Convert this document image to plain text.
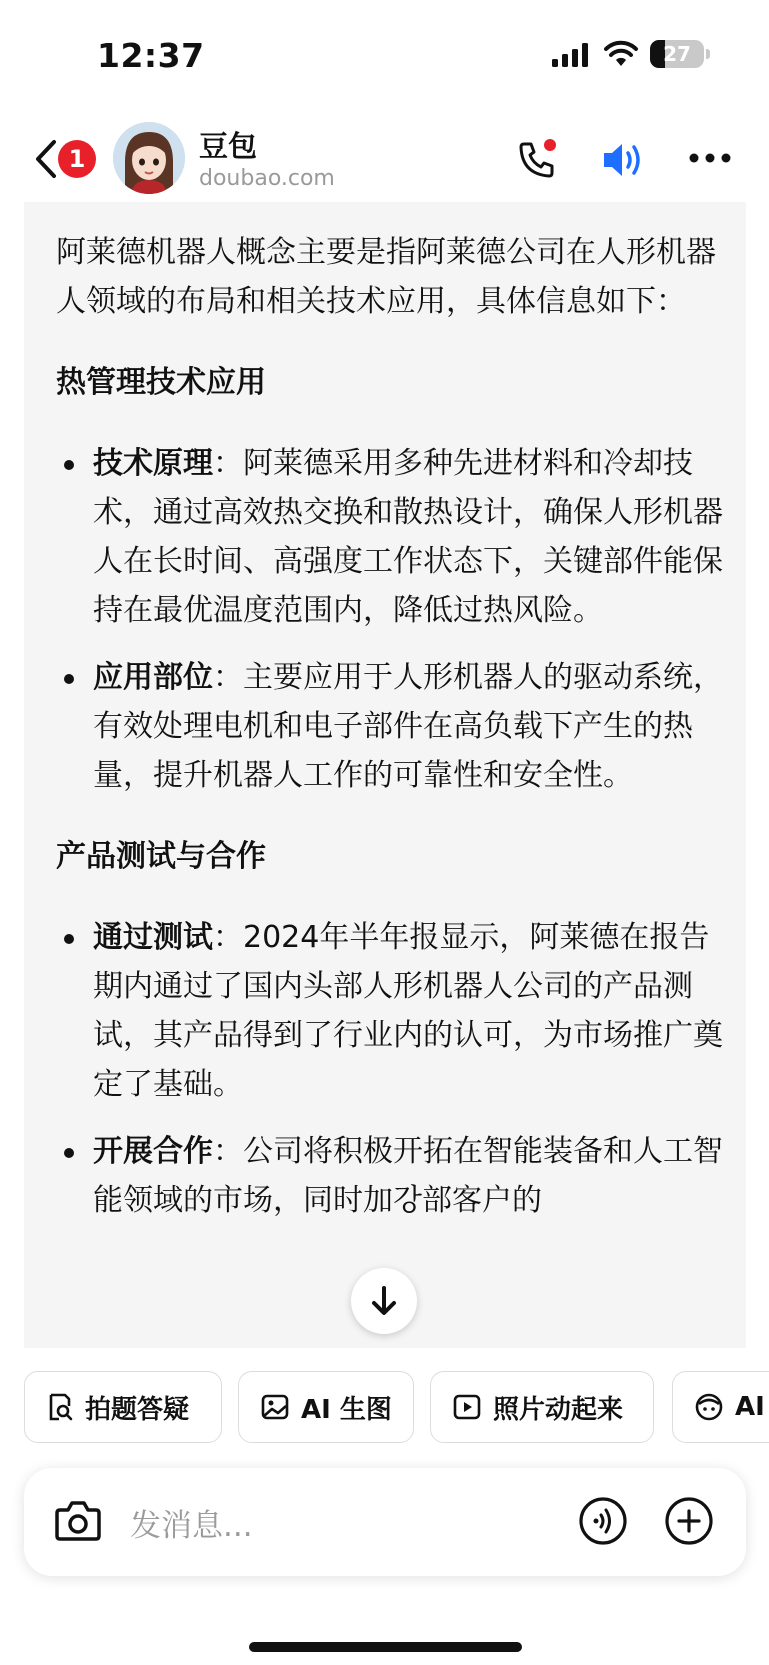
12:37	27
1	豆包
doubao.com

阿莱德机器人概念主要是指阿莱德公司在人形机器人领域的布局和相关技术应用，具体信息如下：

热管理技术应用

技术原理：阿莱德采用多种先进材料和冷却技术，通过高效热交换和散热设计，确保人形机器人在长时间、高强度工作状态下，关键部件能保持在最优温度范围内，降低过热风险。
应用部位：主要应用于人形机器人的驱动系统，有效处理电机和电子部件在高负载下产生的热量，提升机器人工作的可靠性和安全性。

产品测试与合作

通过测试：2024年半年报显示，阿莱德在报告期内通过了国内头部人形机器人公司的产品测试，其产品得到了行业内的认可，为市场推广奠定了基础。
开展合作：公司将积极开拓在智能装备和人工智能领域的市场，同时加강部客户的
拍题答疑	AI 生图	照片动起来	AI
发消息...
